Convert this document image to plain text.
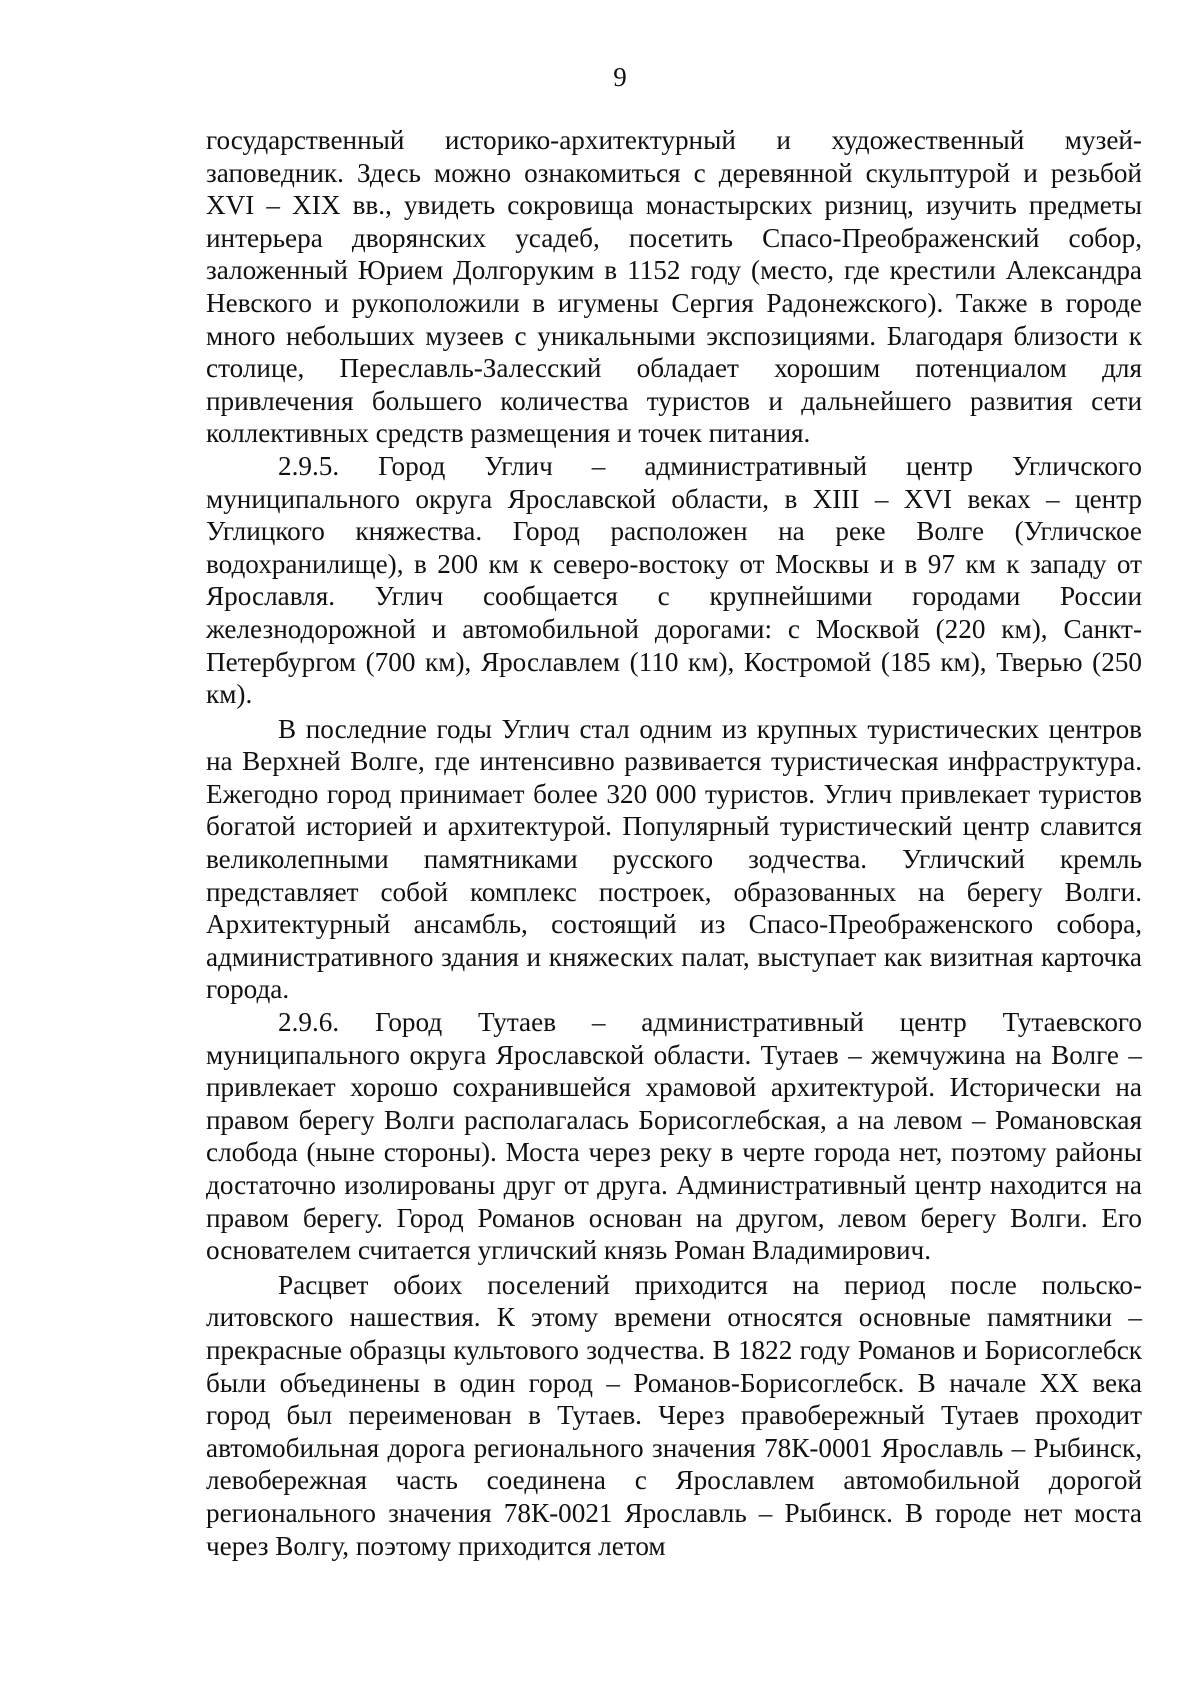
9

государственный историко-архитектурный и художественный музей-заповедник. Здесь можно ознакомиться с деревянной скульптурой и резьбой XVI – XIX вв., увидеть сокровища монастырских ризниц, изучить предметы интерьера дворянских усадеб, посетить Спасо-Преображенский собор, заложенный Юрием Долгоруким в 1152 году (место, где крестили Александра Невского и рукоположили в игумены Сергия Радонежского). Также в городе много небольших музеев с уникальными экспозициями. Благодаря близости к столице, Переславль-Залесский обладает хорошим потенциалом для привлечения большего количества туристов и дальнейшего развития сети коллективных средств размещения и точек питания.

2.9.5. Город Углич – административный центр Угличского муниципального округа Ярославской области, в XIII – XVI веках – центр Углицкого княжества. Город расположен на реке Волге (Угличское водохранилище), в 200 км к северо-востоку от Москвы и в 97 км к западу от Ярославля. Углич сообщается с крупнейшими городами России железнодорожной и автомобильной дорогами: с Москвой (220 км), Санкт-Петербургом (700 км), Ярославлем (110 км), Костромой (185 км), Тверью (250 км).

В последние годы Углич стал одним из крупных туристических центров на Верхней Волге, где интенсивно развивается туристическая инфраструктура. Ежегодно город принимает более 320 000 туристов. Углич привлекает туристов богатой историей и архитектурой. Популярный туристический центр славится великолепными памятниками русского зодчества. Угличский кремль представляет собой комплекс построек, образованных на берегу Волги. Архитектурный ансамбль, состоящий из Спасо-Преображенского собора, административного здания и княжеских палат, выступает как визитная карточка города.

2.9.6. Город Тутаев – административный центр Тутаевского муниципального округа Ярославской области. Тутаев – жемчужина на Волге – привлекает хорошо сохранившейся храмовой архитектурой. Исторически на правом берегу Волги располагалась Борисоглебская, а на левом – Романовская слобода (ныне стороны). Моста через реку в черте города нет, поэтому районы достаточно изолированы друг от друга. Административный центр находится на правом берегу. Город Романов основан на другом, левом берегу Волги. Его основателем считается угличский князь Роман Владимирович.

Расцвет обоих поселений приходится на период после польско-литовского нашествия. К этому времени относятся основные памятники – прекрасные образцы культового зодчества. В 1822 году Романов и Борисоглебск были объединены в один город – Романов-Борисоглебск. В начале XX века город был переименован в Тутаев. Через правобережный Тутаев проходит автомобильная дорога регионального значения 78К-0001 Ярославль – Рыбинск, левобережная часть соединена с Ярославлем автомобильной дорогой регионального значения 78К-0021 Ярославль – Рыбинск. В городе нет моста через Волгу, поэтому приходится летом
